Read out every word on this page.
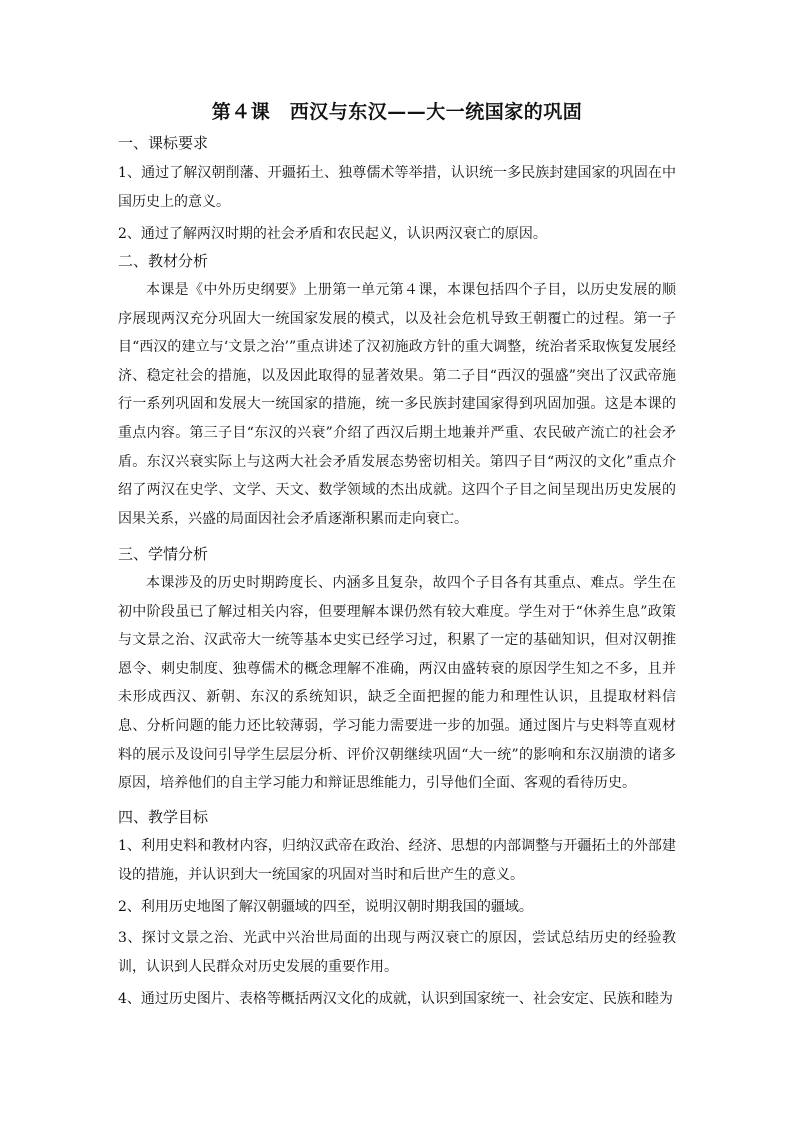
第４课　西汉与东汉——大一统国家的巩固
一、课标要求
1、通过了解汉朝削藩、开疆拓土、独尊儒术等举措，认识统一多民族封建国家的巩固在中国历史上的意义。
2、通过了解两汉时期的社会矛盾和农民起义，认识两汉衰亡的原因。
二、教材分析
本课是《中外历史纲要》上册第一单元第４课，本课包括四个子目，以历史发展的顺序展现两汉充分巩固大一统国家发展的模式，以及社会危机导致王朝覆亡的过程。第一子目“西汉的建立与‘文景之治’”重点讲述了汉初施政方针的重大调整，统治者采取恢复发展经济、稳定社会的措施，以及因此取得的显著效果。第二子目“西汉的强盛”突出了汉武帝施行一系列巩固和发展大一统国家的措施，统一多民族封建国家得到巩固加强。这是本课的重点内容。第三子目“东汉的兴衰”介绍了西汉后期土地兼并严重、农民破产流亡的社会矛盾。东汉兴衰实际上与这两大社会矛盾发展态势密切相关。第四子目“两汉的文化”重点介绍了两汉在史学、文学、天文、数学领域的杰出成就。这四个子目之间呈现出历史发展的因果关系，兴盛的局面因社会矛盾逐渐积累而走向衰亡。
三、学情分析
本课涉及的历史时期跨度长、内涵多且复杂，故四个子目各有其重点、难点。学生在初中阶段虽已了解过相关内容，但要理解本课仍然有较大难度。学生对于“休养生息”政策与文景之治、汉武帝大一统等基本史实已经学习过，积累了一定的基础知识，但对汉朝推恩令、刺史制度、独尊儒术的概念理解不准确，两汉由盛转衰的原因学生知之不多，且并未形成西汉、新朝、东汉的系统知识，缺乏全面把握的能力和理性认识，且提取材料信息、分析问题的能力还比较薄弱，学习能力需要进一步的加强。通过图片与史料等直观材料的展示及设问引导学生层层分析、评价汉朝继续巩固“大一统”的影响和东汉崩溃的诸多原因，培养他们的自主学习能力和辩证思维能力，引导他们全面、客观的看待历史。
四、教学目标
1、利用史料和教材内容，归纳汉武帝在政治、经济、思想的内部调整与开疆拓土的外部建设的措施，并认识到大一统国家的巩固对当时和后世产生的意义。
2、利用历史地图了解汉朝疆域的四至，说明汉朝时期我国的疆域。
3、探讨文景之治、光武中兴治世局面的出现与两汉衰亡的原因，尝试总结历史的经验教训，认识到人民群众对历史发展的重要作用。
4、通过历史图片、表格等概括两汉文化的成就，认识到国家统一、社会安定、民族和睦为
